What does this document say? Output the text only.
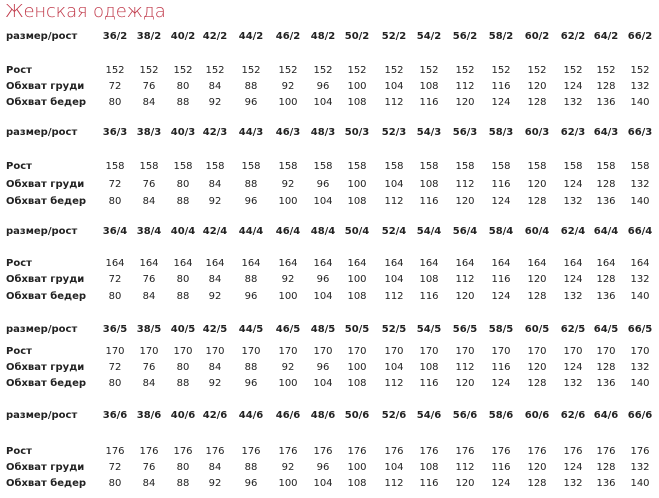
Женская одежда
размер/рост	36/2 38/2 40/2 42/2 44/2 46/2 48/2 50/2 52/2 54/2 56/2 58/2 60/2 62/2 64/2 66/2
Рост	152 152 152 152 152 152 152 152 152 152 152 152 152 152 152 152
Обхват груди 72 76 80 84 88 92 96 100 104 108 112 116 120 124 128 132
Обхват бедер 80 84 88 92 96 100 104 108 112 116 120 124 128 132 136 140
размер/рост	36/3 38/3 40/3 42/3 44/3 46/3 48/3 50/3 52/3 54/3 56/3 58/3 60/3 62/3 64/3 66/3
Рост	158 158 158 158 158 158 158 158 158 158 158 158 158 158 158 158
Обхват груди 72 76 80 84 88 92 96 100 104 108 112 116 120 124 128 132
Обхват бедер 80 84 88 92 96 100 104 108 112 116 120 124 128 132 136 140
размер/рост	36/4 38/4 40/4 42/4 44/4 46/4 48/4 50/4 52/4 54/4 56/4 58/4 60/4 62/4 64/4 66/4
Рост	164 164 164 164 164 164 164 164 164 164 164 164 164 164 164 164
Обхват груди 72 76 80 84 88 92 96 100 104 108 112 116 120 124 128 132
Обхват бедер 80 84 88 92 96 100 104 108 112 116 120 124 128 132 136 140
размер/рост	36/5 38/5 40/5 42/5 44/5 46/5 48/5 50/5 52/5 54/5 56/5 58/5 60/5 62/5 64/5 66/5
Рост	170 170 170 170 170 170 170 170 170 170 170 170 170 170 170 170
Обхват груди 72 76 80 84 88 92 96 100 104 108 112 116 120 124 128 132
Обхват бедер 80 84 88 92 96 100 104 108 112 116 120 124 128 132 136 140
размер/рост	36/6 38/6 40/6 42/6 44/6 46/6 48/6 50/6 52/6 54/6 56/6 58/6 60/6 62/6 64/6 66/6
Рост	176 176 176 176 176 176 176 176 176 176 176 176 176 176 176 176
Обхват груди 72 76 80 84 88 92 96 100 104 108 112 116 120 124 128 132
Обхват бедер 80 84 88 92 96 100 104 108 112 116 120 124 128 132 136 140
